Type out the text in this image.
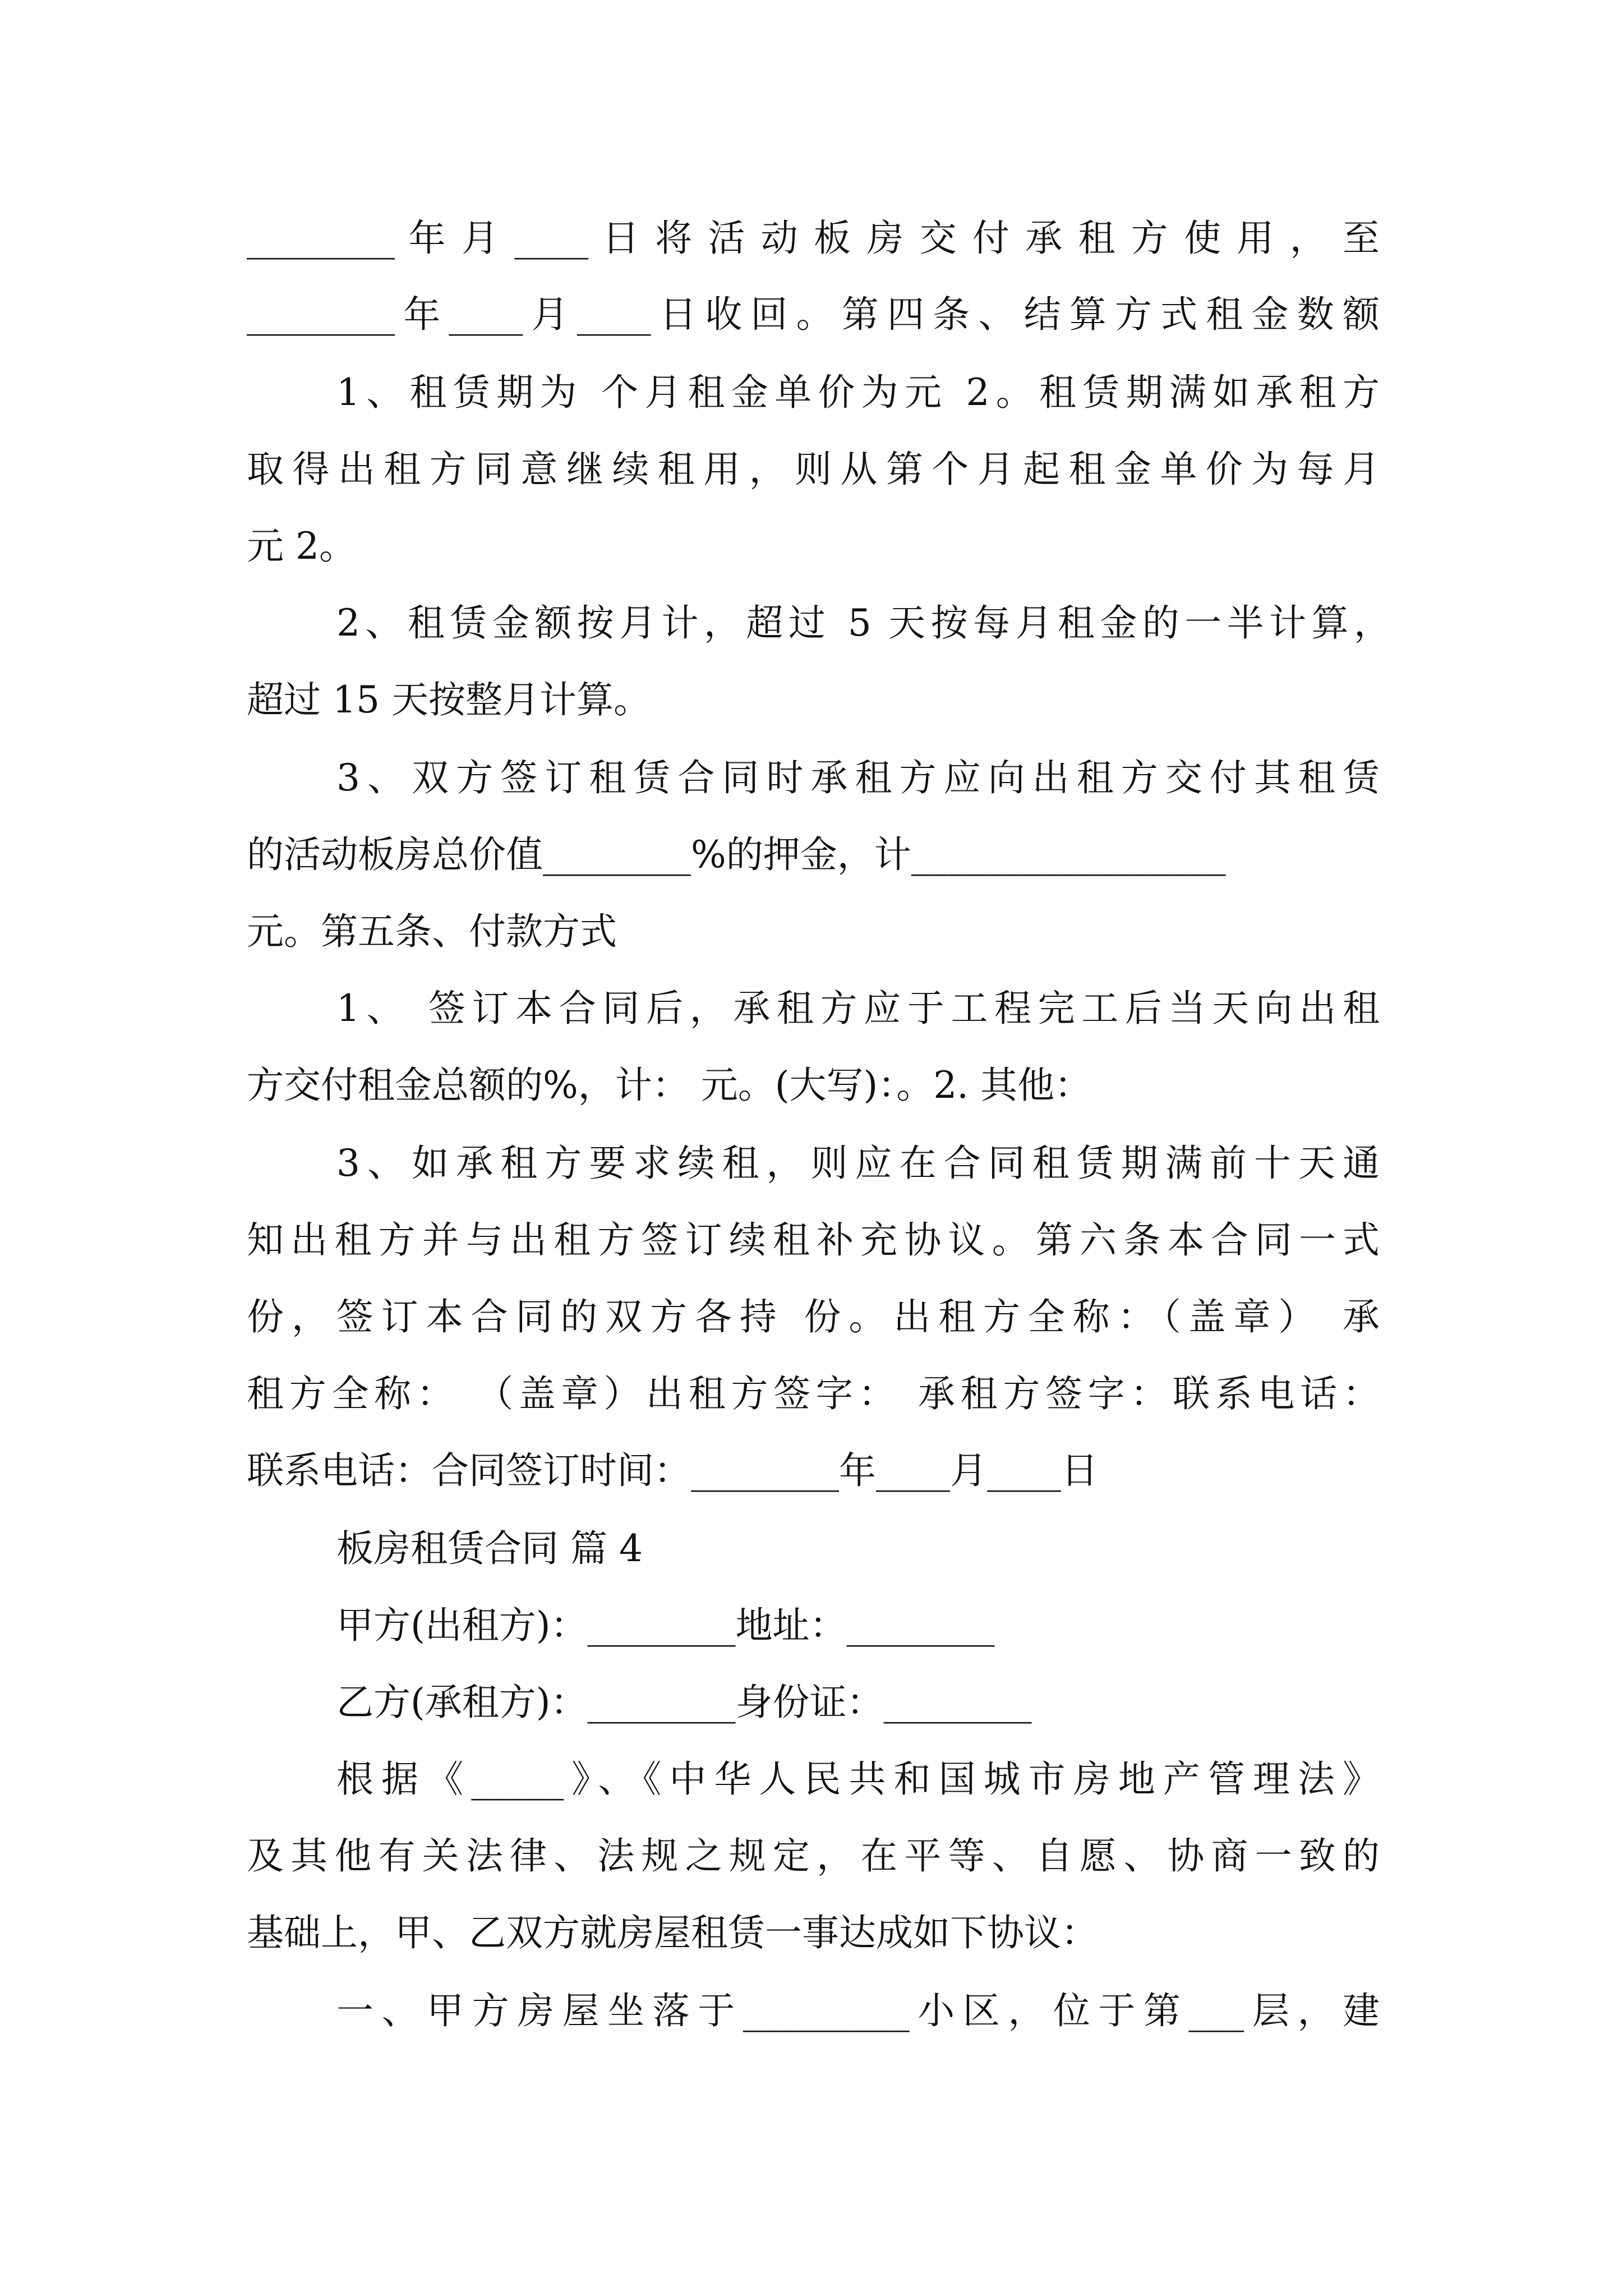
________ 年 月 ____ 日 将 活 动 板 房 交 付 承 租 方 使 用 ， 至
________年____月____日收回。第四条、结算方式租金数额
1、租赁期为 个月租金单价为元 2。租赁期满如承租方
取得出租方同意继续租用，则从第个月起租金单价为每月
元 2。
2、租赁金额按月计，超过 5 天按每月租金的一半计算，
超过 15 天按整月计算。
3、双方签订租赁合同时承租方应向出租方交付其租赁
的活动板房总价值________%的押金，计_________________
元。第五条、付款方式
1、 签订本合同后，承租方应于工程完工后当天向出租
方交付租金总额的%，计： 元。(大写)：。2. 其他：
3、如承租方要求续租，则应在合同租赁期满前十天通
知出租方并与出租方签订续租补充协议。第六条本合同一式
份，签订本合同的双方各持 份。出租方全称：（盖章） 承
租方全称： （盖章）出租方签字： 承租方签字：联系电话：
联系电话：合同签订时间：________年____月____日
板房租赁合同 篇 4
甲方(出租方)：________地址：________
乙方(承租方)：________身份证：________
根据《_____》、《中华人民共和国城市房地产管理法》
及其他有关法律、法规之规定，在平等、自愿、协商一致的
基础上，甲、乙双方就房屋租赁一事达成如下协议：
一、甲方房屋坐落于_________小区，位于第___层，建
